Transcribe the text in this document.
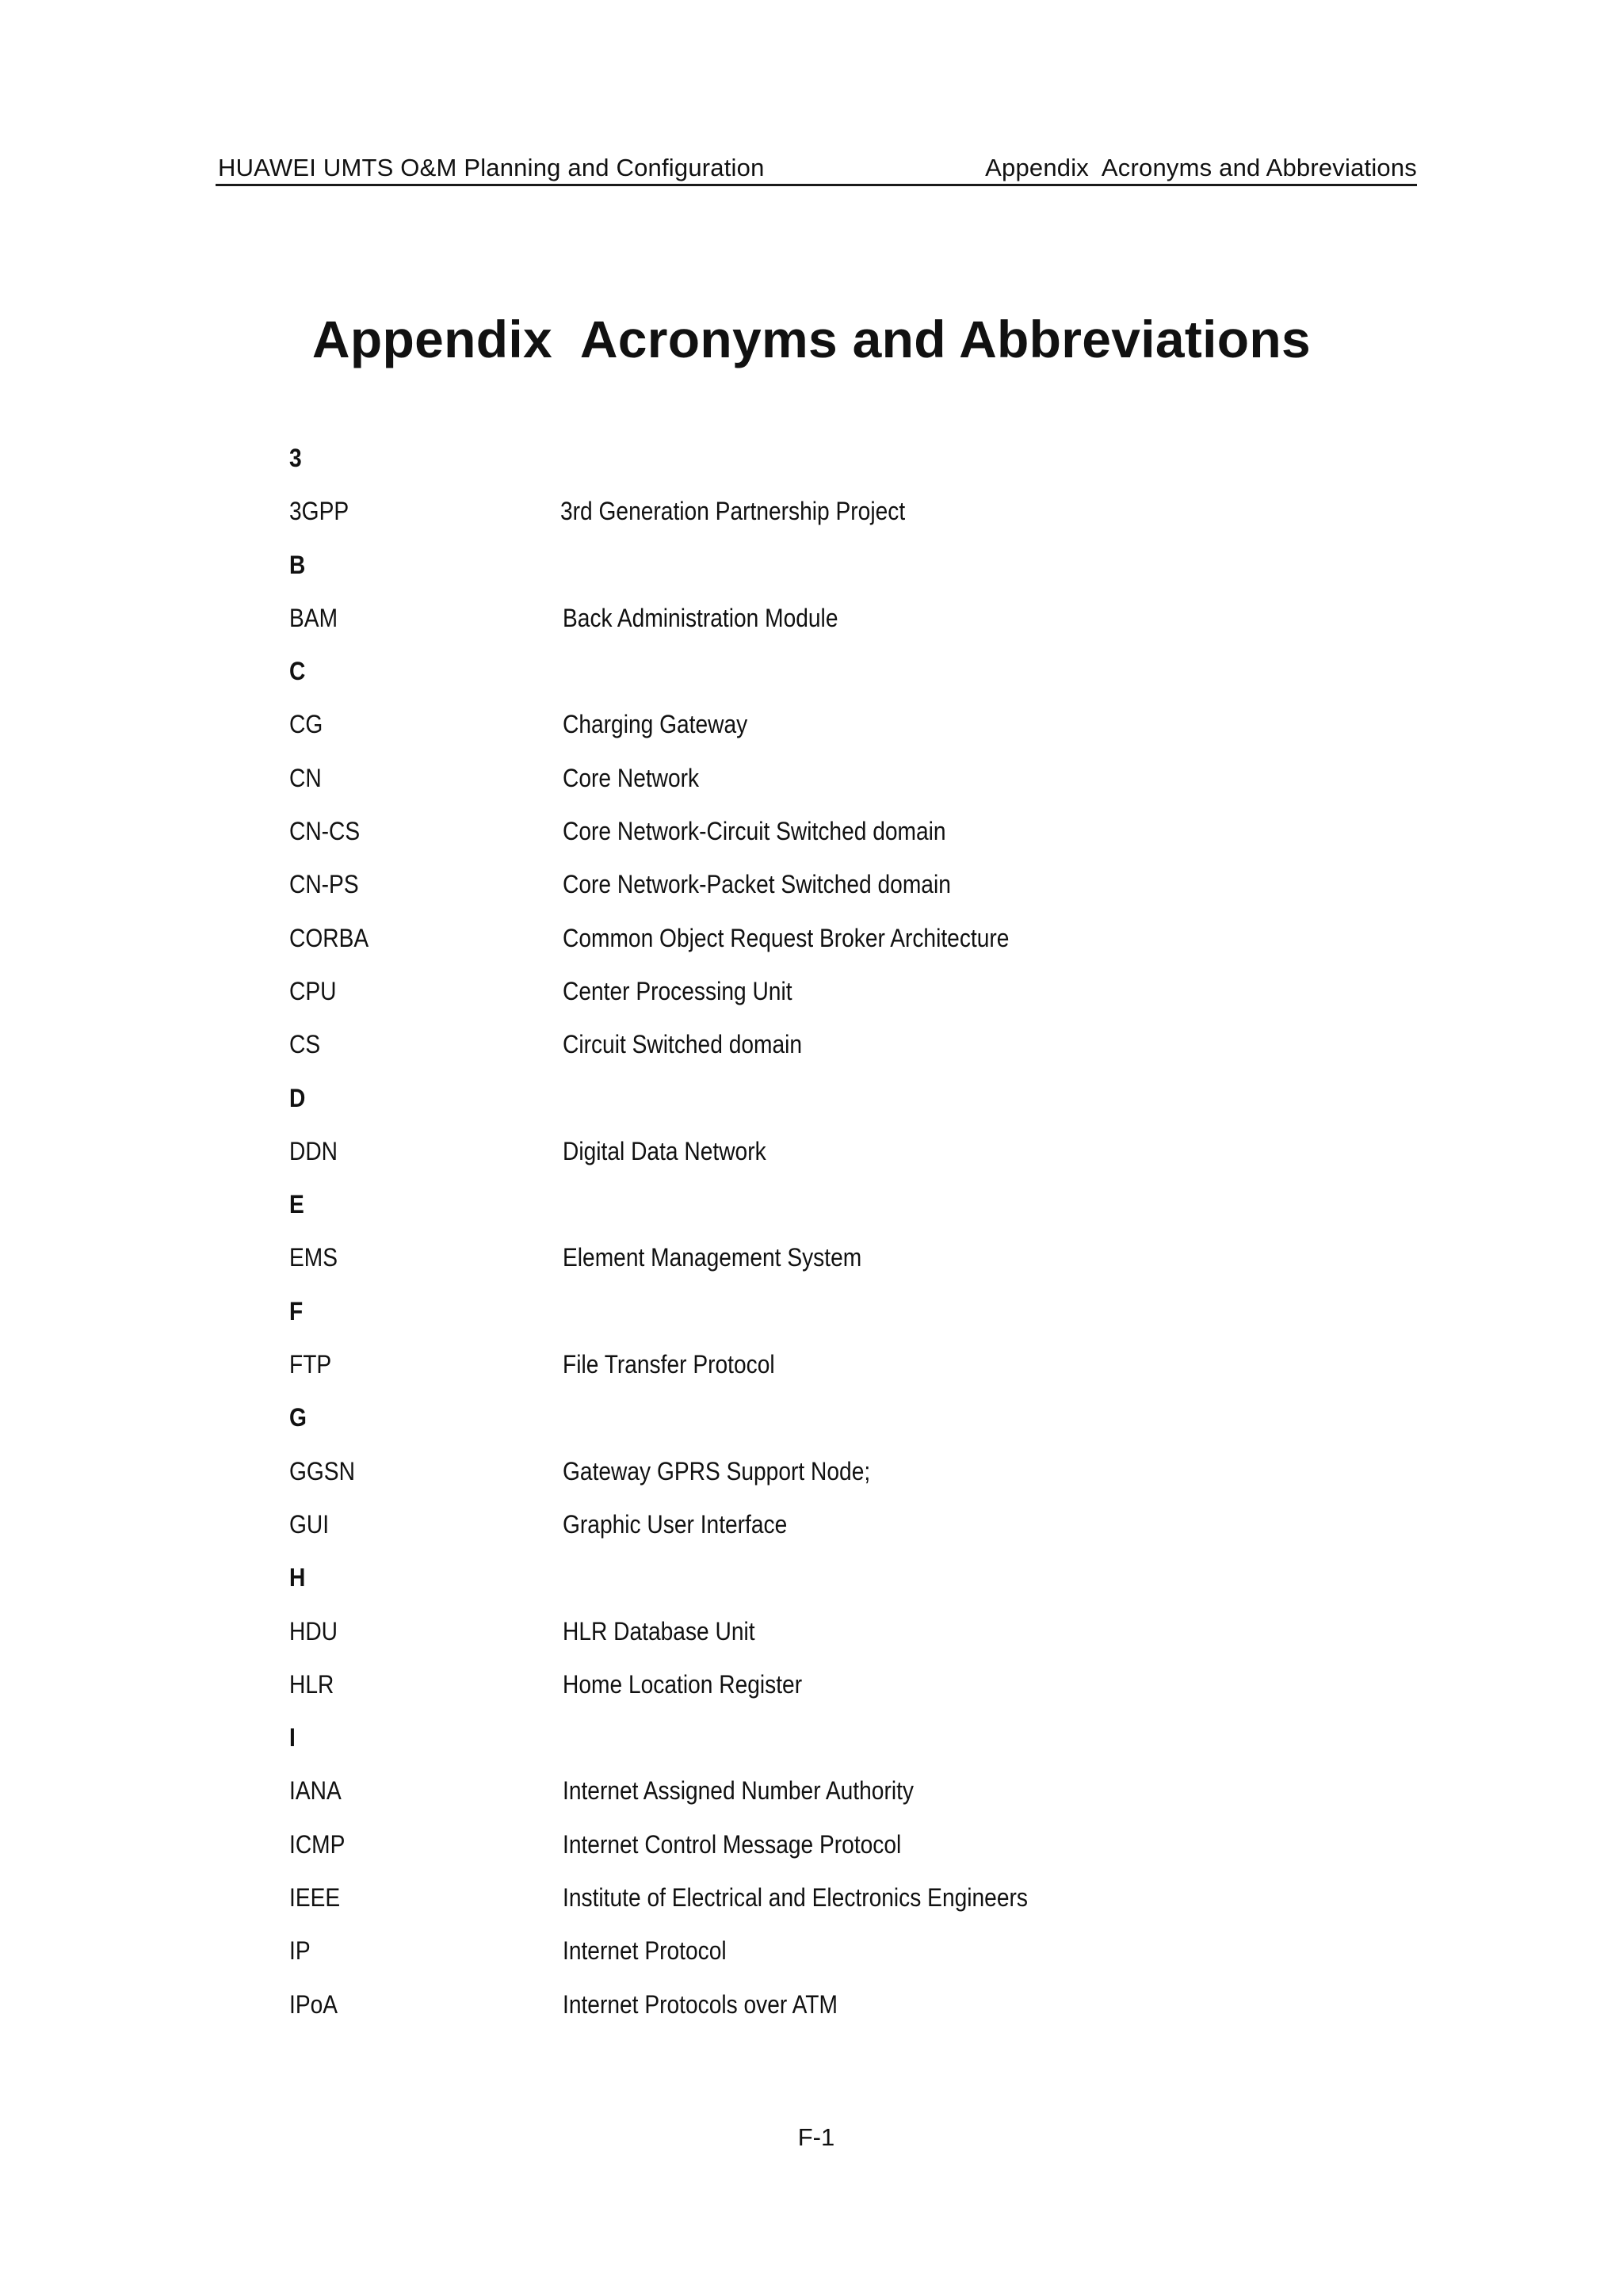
HUAWEI UMTS O&M Planning and Configuration	Appendix  Acronyms and Abbreviations
Appendix  Acronyms and Abbreviations
3
3GPP	3rd Generation Partnership Project
B
BAM	Back Administration Module
C
CG	Charging Gateway
CN	Core Network
CN-CS	Core Network-Circuit Switched domain
CN-PS	Core Network-Packet Switched domain
CORBA	Common Object Request Broker Architecture
CPU	Center Processing Unit
CS	Circuit Switched domain
D
DDN	Digital Data Network
E
EMS	Element Management System
F
FTP	File Transfer Protocol
G
GGSN	Gateway GPRS Support Node;
GUI	Graphic User Interface
H
HDU	HLR Database Unit
HLR	Home Location Register
I
IANA	Internet Assigned Number Authority
ICMP	Internet Control Message Protocol
IEEE	Institute of Electrical and Electronics Engineers
IP	Internet Protocol
IPoA	Internet Protocols over ATM
F-1
